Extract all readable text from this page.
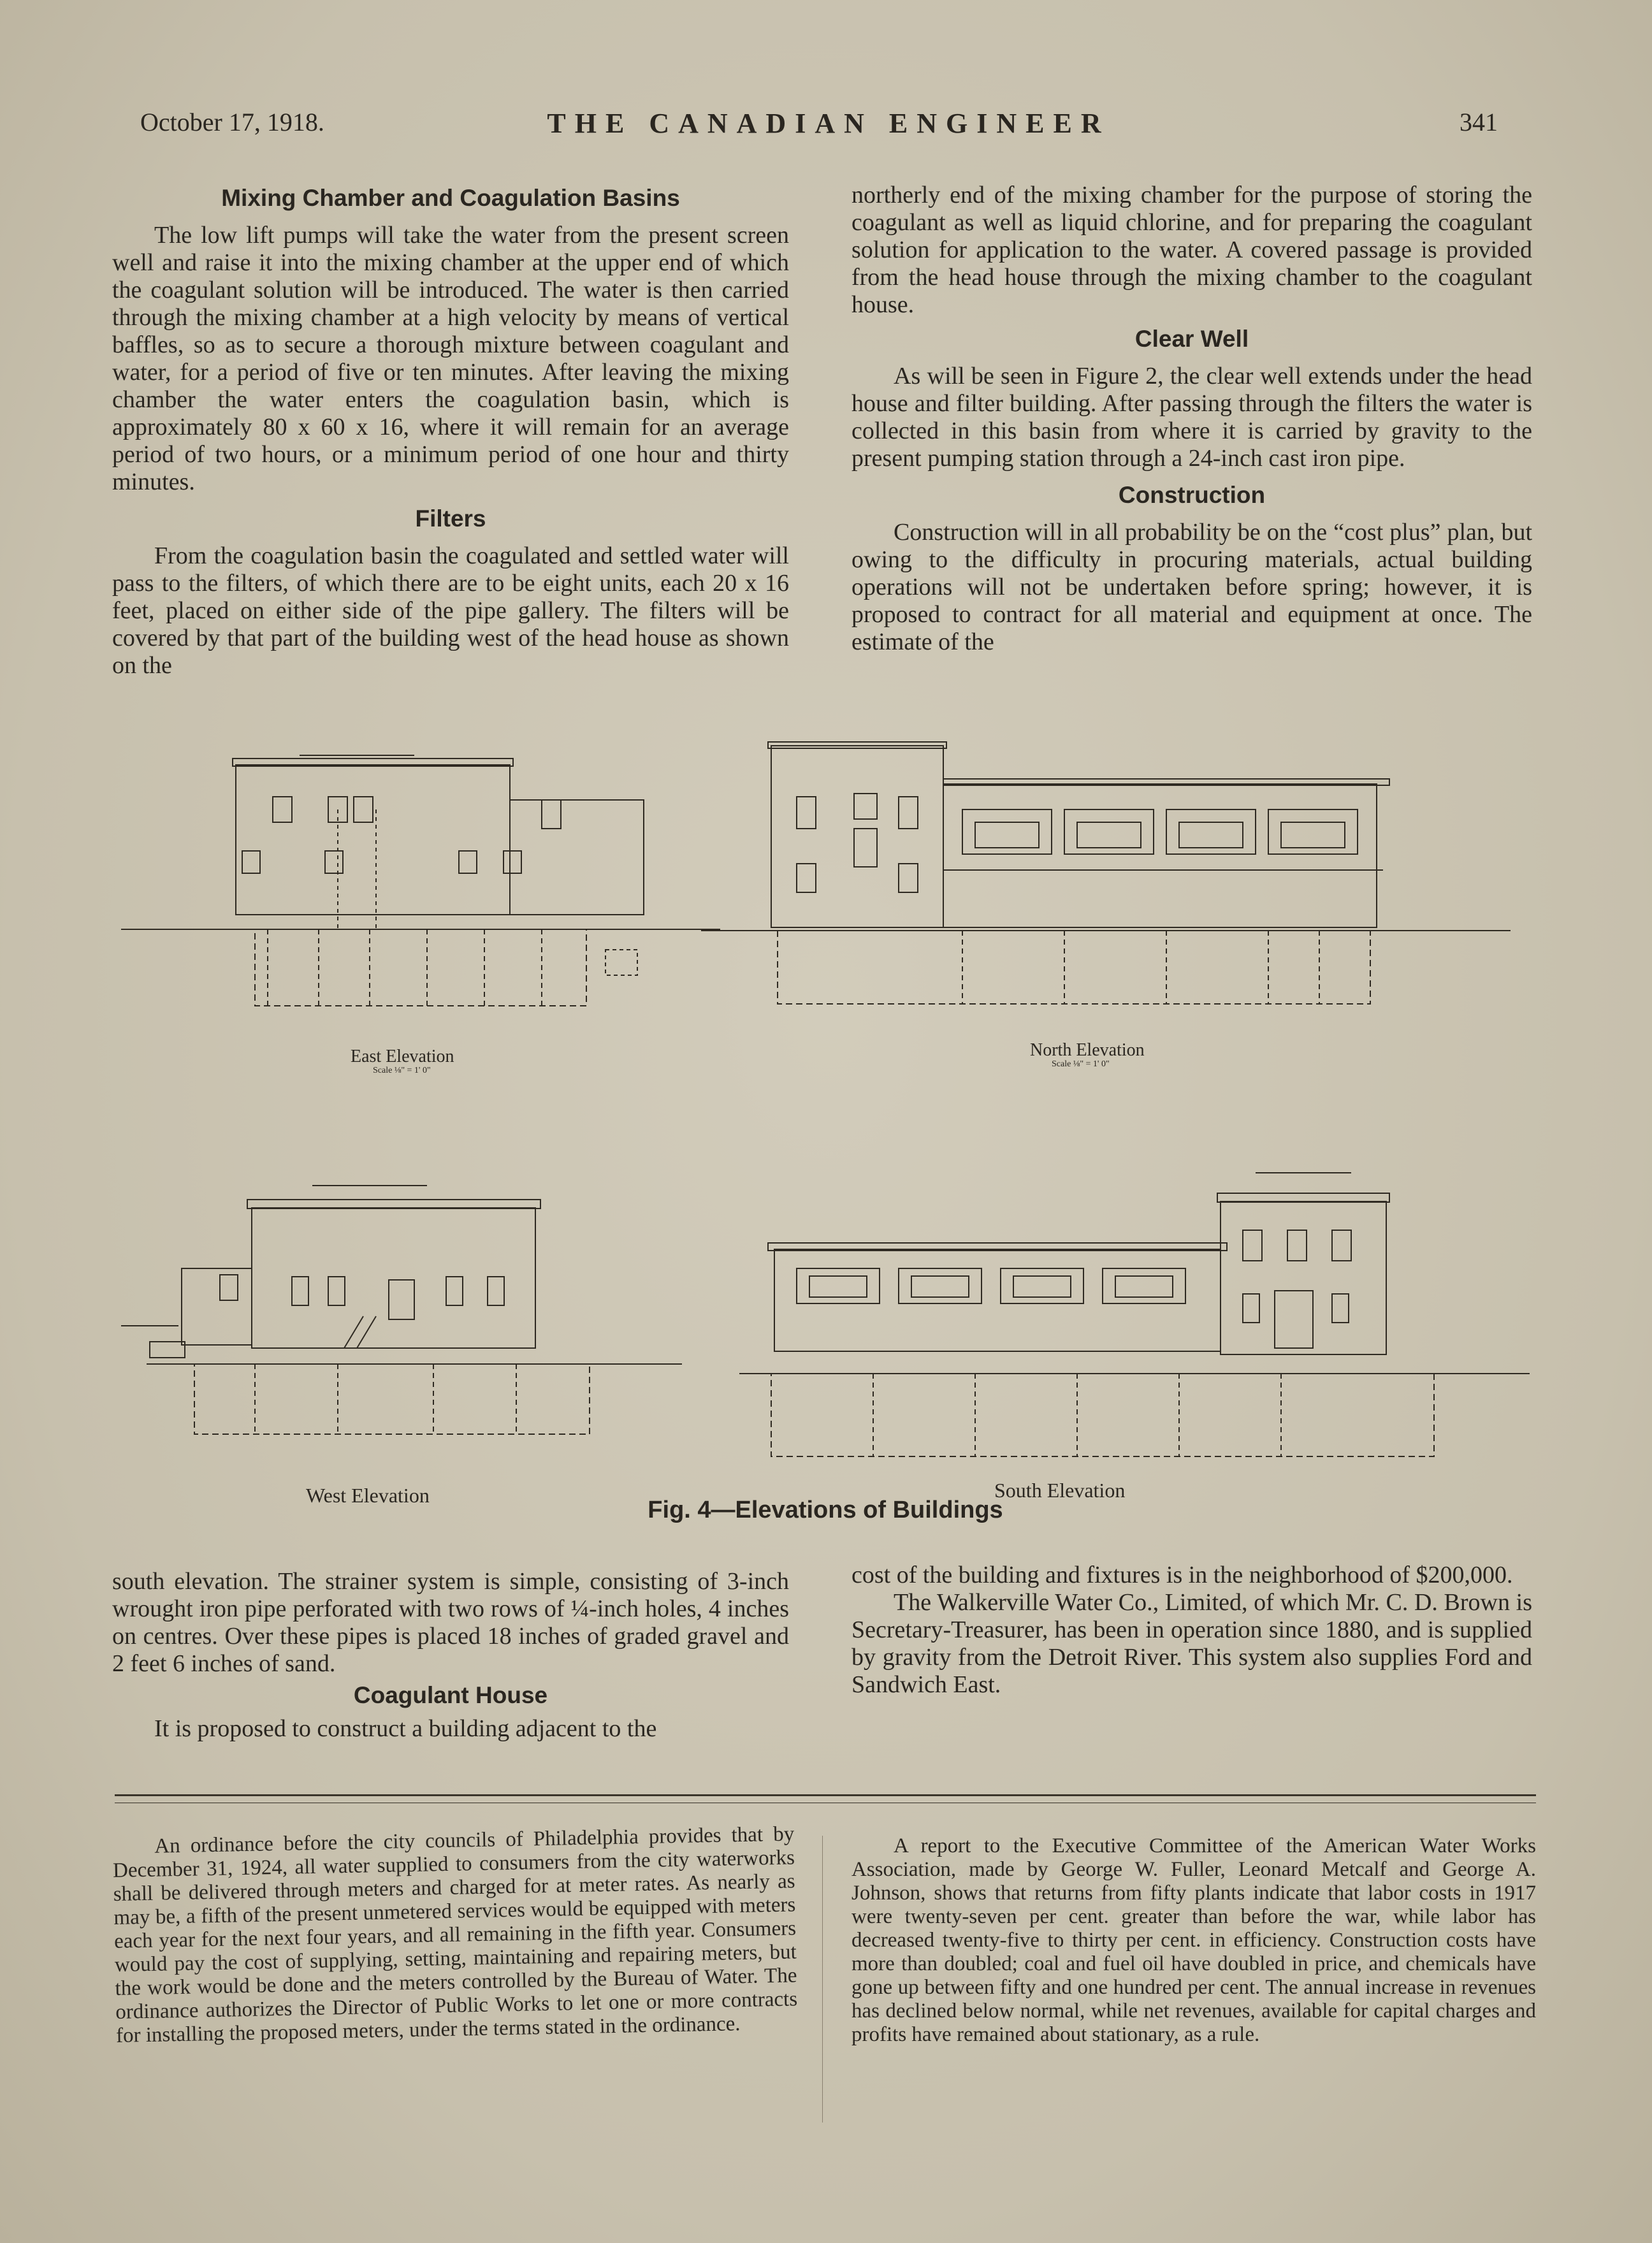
October 17, 1918.	THE CANADIAN ENGINEER	341
Mixing Chamber and Coagulation Basins

The low lift pumps will take the water from the present screen well and raise it into the mixing chamber at the upper end of which the coagulant solution will be introduced. The water is then carried through the mixing chamber at a high velocity by means of vertical baffles, so as to secure a thorough mixture between coagulant and water, for a period of five or ten minutes. After leaving the mixing chamber the water enters the coagulation basin, which is approximately 80 x 60 x 16, where it will remain for an average period of two hours, or a minimum period of one hour and thirty minutes.

Filters

From the coagulation basin the coagulated and settled water will pass to the filters, of which there are to be eight units, each 20 x 16 feet, placed on either side of the pipe gallery. The filters will be covered by that part of the building west of the head house as shown on the

northerly end of the mixing chamber for the purpose of storing the coagulant as well as liquid chlorine, and for preparing the coagulant solution for application to the water. A covered passage is provided from the head house through the mixing chamber to the coagulant house.

Clear Well

As will be seen in Figure 2, the clear well extends under the head house and filter building. After passing through the filters the water is collected in this basin from where it is carried by gravity to the present pumping station through a 24-inch cast iron pipe.

Construction

Construction will in all probability be on the “cost plus” plan, but owing to the difficulty in procuring materials, actual building operations will not be undertaken before spring; however, it is proposed to contract for all material and equipment at once. The estimate of the

East Elevation
Scale ⅛" = 1' 0"
North Elevation
Scale ⅛" = 1' 0"
West Elevation	South Elevation
Fig. 4—Elevations of Buildings

south elevation. The strainer system is simple, consisting of 3-inch wrought iron pipe perforated with two rows of ¼-inch holes, 4 inches on centres. Over these pipes is placed 18 inches of graded gravel and 2 feet 6 inches of sand.

Coagulant House

It is proposed to construct a building adjacent to the

cost of the building and fixtures is in the neighborhood of $200,000.

The Walkerville Water Co., Limited, of which Mr. C. D. Brown is Secretary-Treasurer, has been in operation since 1880, and is supplied by gravity from the Detroit River. This system also supplies Ford and Sandwich East.

An ordinance before the city councils of Philadelphia provides that by December 31, 1924, all water supplied to consumers from the city waterworks shall be delivered through meters and charged for at meter rates. As nearly as may be, a fifth of the present unmetered services would be equipped with meters each year for the next four years, and all remaining in the fifth year. Consumers would pay the cost of supplying, setting, maintaining and repairing meters, but the work would be done and the meters controlled by the Bureau of Water. The ordinance authorizes the Director of Public Works to let one or more contracts for installing the proposed meters, under the terms stated in the ordinance.

A report to the Executive Committee of the American Water Works Association, made by George W. Fuller, Leonard Metcalf and George A. Johnson, shows that returns from fifty plants indicate that labor costs in 1917 were twenty-seven per cent. greater than before the war, while labor has decreased twenty-five to thirty per cent. in efficiency. Construction costs have more than doubled; coal and fuel oil have doubled in price, and chemicals have gone up between fifty and one hundred per cent. The annual increase in revenues has declined below normal, while net revenues, available for capital charges and profits have remained about stationary, as a rule.
